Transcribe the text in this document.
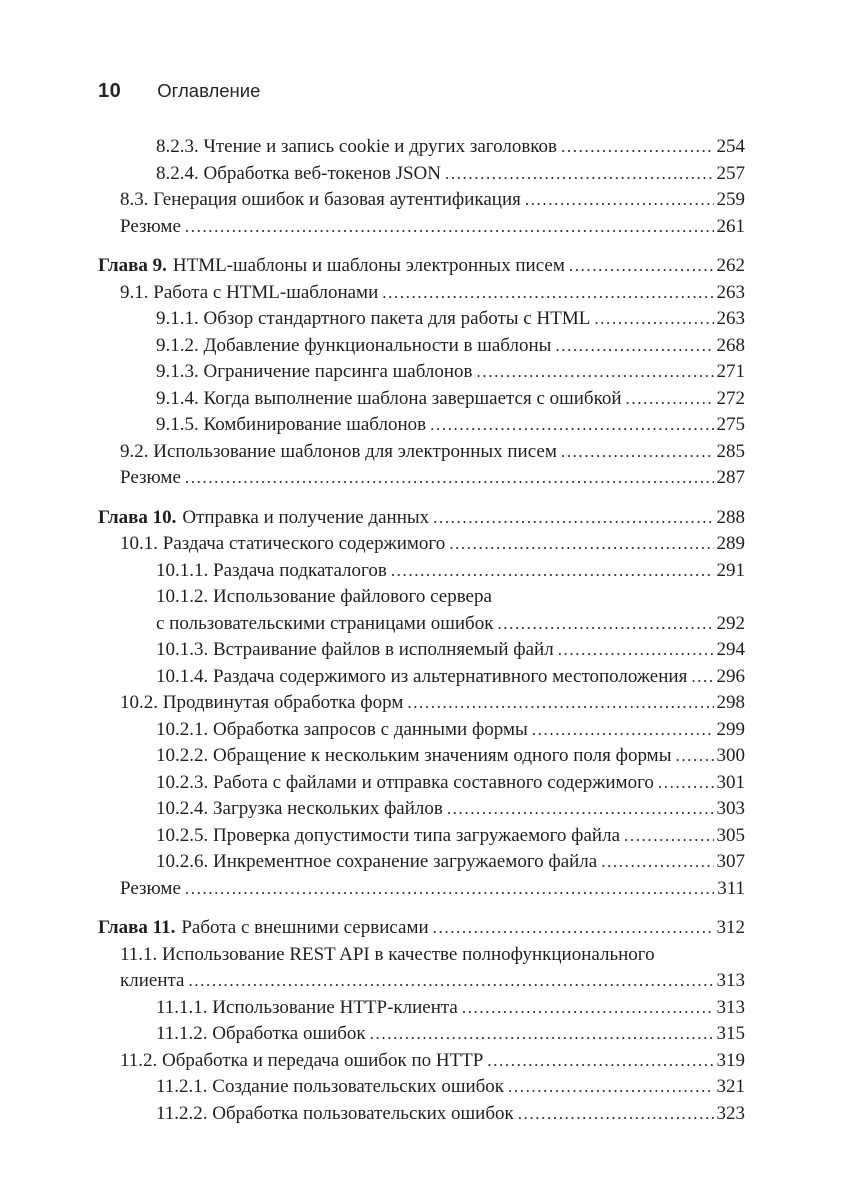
10 Оглавление
8.2.3. Чтение и запись cookie и других заголовков .....	254
8.2.4. Обработка веб-токенов JSON .....	257
8.3. Генерация ошибок и базовая аутентификация .....	259
Резюме .....	261
Глава 9. HTML-шаблоны и шаблоны электронных писем .....	262
9.1. Работа с HTML-шаблонами .....	263
9.1.1. Обзор стандартного пакета для работы с HTML .....	263
9.1.2. Добавление функциональности в шаблоны .....	268
9.1.3. Ограничение парсинга шаблонов .....	271
9.1.4. Когда выполнение шаблона завершается с ошибкой .....	272
9.1.5. Комбинирование шаблонов .....	275
9.2. Использование шаблонов для электронных писем .....	285
Резюме .....	287
Глава 10. Отправка и получение данных .....	288
10.1. Раздача статического содержимого .....	289
10.1.1. Раздача подкаталогов .....	291
10.1.2. Использование файлового сервера
с пользовательскими страницами ошибок .....	292
10.1.3. Встраивание файлов в исполняемый файл .....	294
10.1.4. Раздача содержимого из альтернативного местоположения ..... 296
10.2. Продвинутая обработка форм .....	298
10.2.1. Обработка запросов с данными формы .....	299
10.2.2. Обращение к нескольким значениям одного поля формы ..... 300
10.2.3. Работа с файлами и отправка составного содержимого .....	301
10.2.4. Загрузка нескольких файлов .....	303
10.2.5. Проверка допустимости типа загружаемого файла .....	305
10.2.6. Инкрементное сохранение загружаемого файла .....	307
Резюме .....	311
Глава 11. Работа с внешними сервисами .....	312
11.1. Использование REST API в качестве полнофункционального
клиента .....	313
11.1.1. Использование HTTP-клиента .....	313
11.1.2. Обработка ошибок .....	315
11.2. Обработка и передача ошибок по HTTP .....	319
11.2.1. Создание пользовательских ошибок .....	321
11.2.2. Обработка пользовательских ошибок .....	323
